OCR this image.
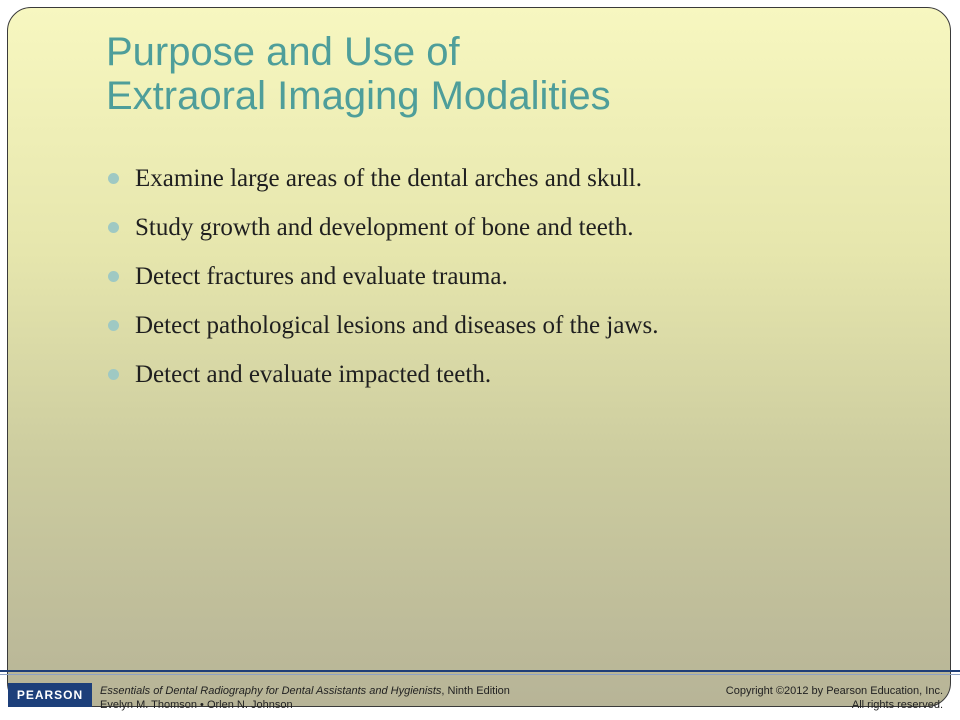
Purpose and Use of
Extraoral Imaging Modalities
Examine large areas of the dental arches and skull.
Study growth and development of bone and teeth.
Detect fractures and evaluate trauma.
Detect pathological lesions and diseases of the jaws.
Detect and evaluate impacted teeth.
PEARSON	Essentials of Dental Radiography for Dental Assistants and Hygienists, Ninth Edition
Evelyn M. Thomson • Orlen N. Johnson
Copyright ©2012 by Pearson Education, Inc.
All rights reserved.
